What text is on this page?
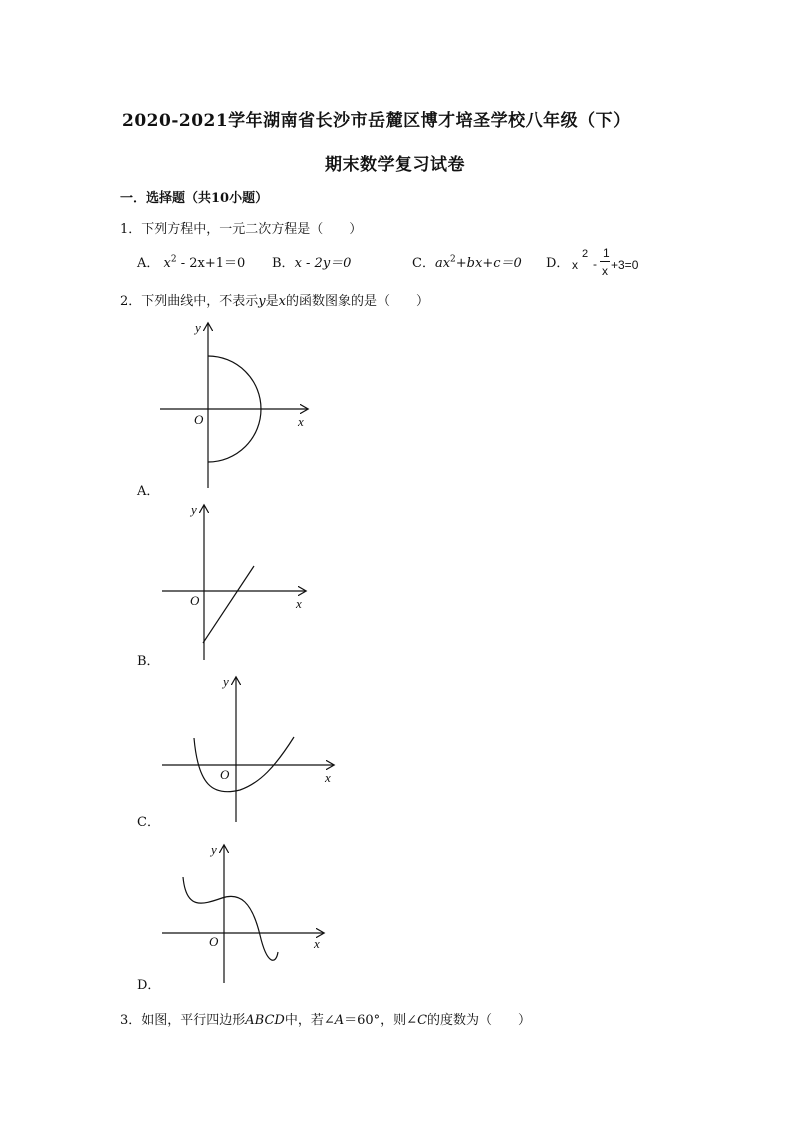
2020-2021学年湖南省长沙市岳麓区博才培圣学校八年级（下）
期末数学复习试卷
一．选择题（共10小题）
1．下列方程中，一元二次方程是（　　）
A． $x^2 - 2x+1=0$ B．x - 2y＝0	C．$ax^2+bx+c=0$ D． x
2
-
1
x +3=0
2．下列曲线中，不表示y是x的函数图象的是（　　）
y
x
O
A．
y
x
O
B．
y
x
O
C．
y
x
O
D．
3．如图，平行四边形ABCD中，若∠A＝60°，则∠C的度数为（　　）
